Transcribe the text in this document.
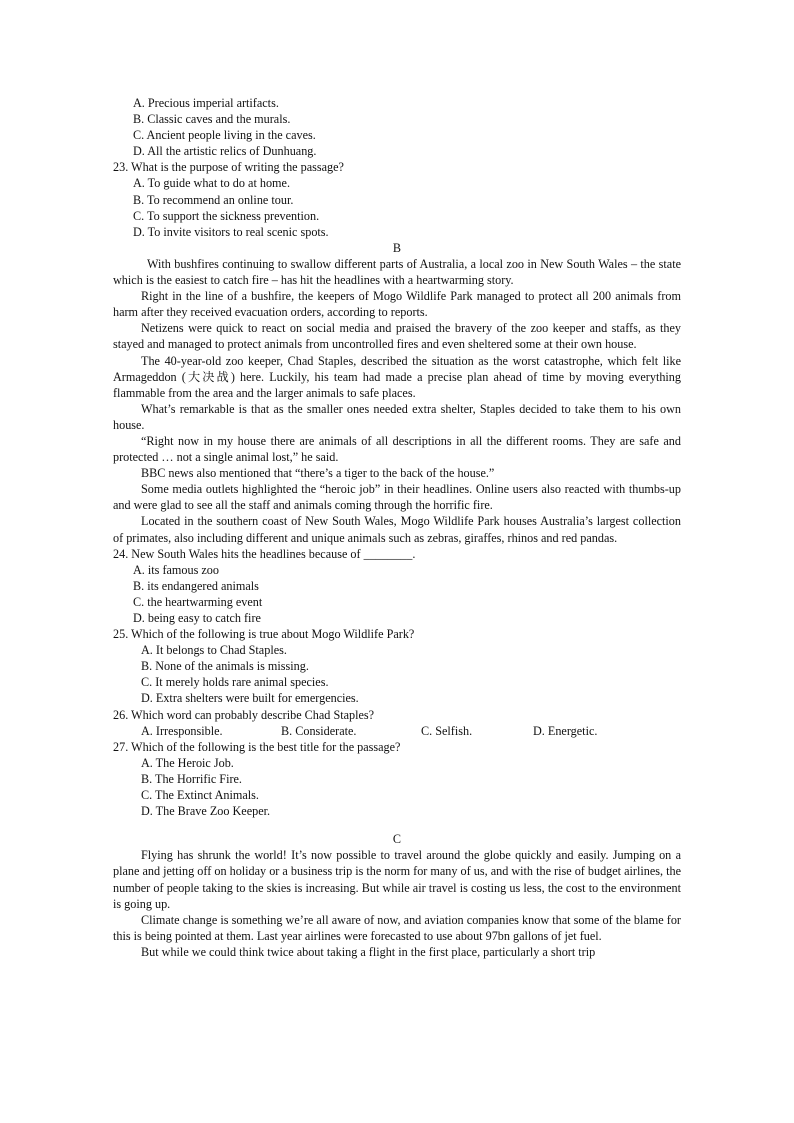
A. Precious imperial artifacts.
B. Classic caves and the murals.
C. Ancient people living in the caves.
D. All the artistic relics of Dunhuang.
23. What is the purpose of writing the passage?
A. To guide what to do at home.
B. To recommend an online tour.
C. To support the sickness prevention.
D. To invite visitors to real scenic spots.
B

With bushfires continuing to swallow different parts of Australia, a local zoo in New South Wales – the state which is the easiest to catch fire – has hit the headlines with a heartwarming story.

Right in the line of a bushfire, the keepers of Mogo Wildlife Park managed to protect all 200 animals from harm after they received evacuation orders, according to reports.

Netizens were quick to react on social media and praised the bravery of the zoo keeper and staffs, as they stayed and managed to protect animals from uncontrolled fires and even sheltered some at their own house.

The 40-year-old zoo keeper, Chad Staples, described the situation as the worst catastrophe, which felt like Armageddon (大决战) here. Luckily, his team had made a precise plan ahead of time by moving everything flammable from the area and the larger animals to safe places.

What’s remarkable is that as the smaller ones needed extra shelter, Staples decided to take them to his own house.

“Right now in my house there are animals of all descriptions in all the different rooms. They are safe and protected … not a single animal lost,” he said.

BBC news also mentioned that “there’s a tiger to the back of the house.”

Some media outlets highlighted the “heroic job” in their headlines. Online users also reacted with thumbs-up and were glad to see all the staff and animals coming through the horrific fire.

Located in the southern coast of New South Wales, Mogo Wildlife Park houses Australia’s largest collection of primates, also including different and unique animals such as zebras, giraffes, rhinos and red pandas.

24. New South Wales hits the headlines because of ________.
A. its famous zoo
B. its endangered animals
C. the heartwarming event
D. being easy to catch fire
25. Which of the following is true about Mogo Wildlife Park?
A. It belongs to Chad Staples.
B. None of the animals is missing.
C. It merely holds rare animal species.
D. Extra shelters were built for emergencies.
26. Which word can probably describe Chad Staples?
A. Irresponsible.	B. Considerate.	C. Selfish.	D. Energetic.
27. Which of the following is the best title for the passage?
A. The Heroic Job.
B. The Horrific Fire.
C. The Extinct Animals.
D. The Brave Zoo Keeper.
C

Flying has shrunk the world! It’s now possible to travel around the globe quickly and easily. Jumping on a plane and jetting off on holiday or a business trip is the norm for many of us, and with the rise of budget airlines, the number of people taking to the skies is increasing. But while air travel is costing us less, the cost to the environment is going up.

Climate change is something we’re all aware of now, and aviation companies know that some of the blame for this is being pointed at them. Last year airlines were forecasted to use about 97bn gallons of jet fuel.

But while we could think twice about taking a flight in the first place, particularly a short trip
